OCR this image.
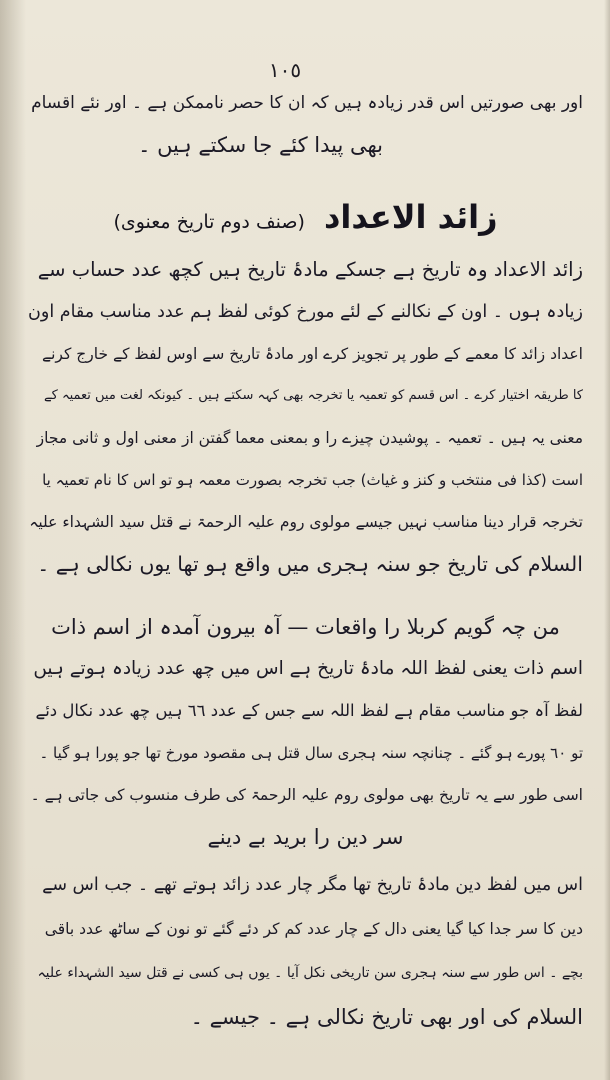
١٠٥
اور بھی صورتیں اس قدر زیادہ ہیں کہ ان کا حصر ناممکن ہے ۔ اور نئے اقسام
بھی پیدا کئے جا سکتے ہیں ۔
زائد الاعداد (صنف دوم تاریخ معنوی)
زائد الاعداد وہ تاریخ ہے جسکے مادۂ تاریخ ہیں کچھ عدد حساب سے
زیادہ ہوں ۔ اون کے نکالنے کے لئے مورخ کوئی لفظ ہم عدد مناسب مقام اون
اعداد زائد کا معمے کے طور پر تجویز کرے اور مادۂ تاریخ سے اوس لفظ کے خارج کرنے
کا طریقہ اختیار کرے ۔ اس قسم کو تعمیہ یا تخرجہ بھی کہہ سکتے ہیں ۔ کیونکہ لغت میں تعمیہ کے
معنی یہ ہیں ۔ تعمیہ ۔ پوشیدن چیزے را و بمعنی معما گفتن از معنی اول و ثانی مجاز
است (کذا فی منتخب و کنز و غیاث) جب تخرجہ بصورت معمہ ہو تو اس کا نام تعمیہ یا
تخرجہ قرار دینا مناسب نہیں جیسے مولوی روم علیہ الرحمۃ نے قتل سید الشہداء علیہ
السلام کی تاریخ جو سنہ ہجری میں واقع ہو تھا یوں نکالی ہے ۔
من چہ گویم کربلا را واقعات — آہ بیرون آمدہ از اسم ذات
اسم ذات یعنی لفظ اللہ مادۂ تاریخ ہے اس میں چھ عدد زیادہ ہوتے ہیں
لفظ آہ جو مناسب مقام ہے لفظ اللہ سے جس کے عدد ٦٦ ہیں چھ عدد نکال دئے
تو ٦٠ پورے ہو گئے ۔ چنانچہ سنہ ہجری سال قتل ہی مقصود مورخ تھا جو پورا ہو گیا ۔
اسی طور سے یہ تاریخ بھی مولوی روم علیہ الرحمۃ کی طرف منسوب کی جاتی ہے ۔
سر دین را برید بے دینے
اس میں لفظ دین مادۂ تاریخ تھا مگر چار عدد زائد ہوتے تھے ۔ جب اس سے
دین کا سر جدا کیا گیا یعنی دال کے چار عدد کم کر دئے گئے تو نون کے ساٹھ عدد باقی
بچے ۔ اس طور سے سنہ ہجری سن تاریخی نکل آیا ۔ یوں ہی کسی نے قتل سید الشہداء علیہ
السلام کی اور بھی تاریخ نکالی ہے ۔ جیسے ۔
